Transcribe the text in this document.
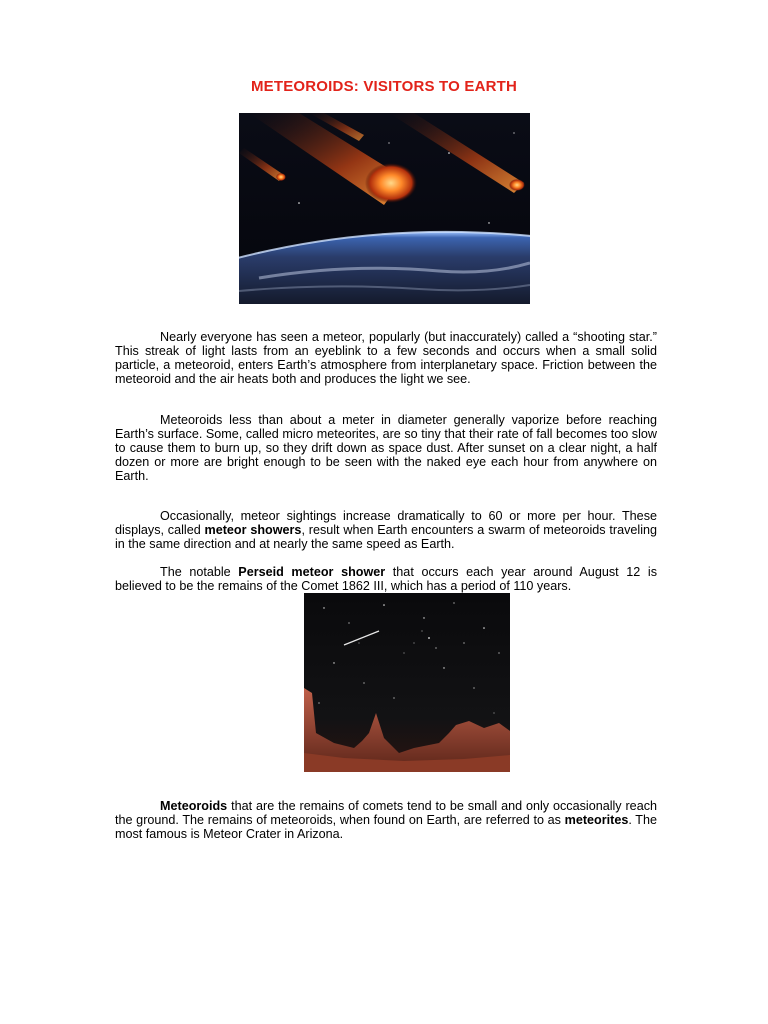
METEOROIDS: VISITORS TO EARTH

Nearly everyone has seen a meteor, popularly (but inaccurately) called a “shooting star.” This streak of light lasts from an eyeblink to a few seconds and occurs when a small solid particle, a meteoroid, enters Earth’s atmosphere from interplanetary space. Friction between the meteoroid and the air heats both and produces the light we see.

Meteoroids less than about a meter in diameter generally vaporize before reaching Earth’s surface. Some, called micro meteorites, are so tiny that their rate of fall becomes too slow to cause them to burn up, so they drift down as space dust. After sunset on a clear night, a half dozen or more are bright enough to be seen with the naked eye each hour from anywhere on Earth.

Occasionally, meteor sightings increase dramatically to 60 or more per hour. These displays, called meteor showers, result when Earth encounters a swarm of meteoroids traveling in the same direction and at nearly the same speed as Earth.

The notable Perseid meteor shower that occurs each year around August 12 is believed to be the remains of the Comet 1862 III, which has a period of 110 years.

Meteoroids that are the remains of comets tend to be small and only occasionally reach the ground. The remains of meteoroids, when found on Earth, are referred to as meteorites. The most famous is Meteor Crater in Arizona.
